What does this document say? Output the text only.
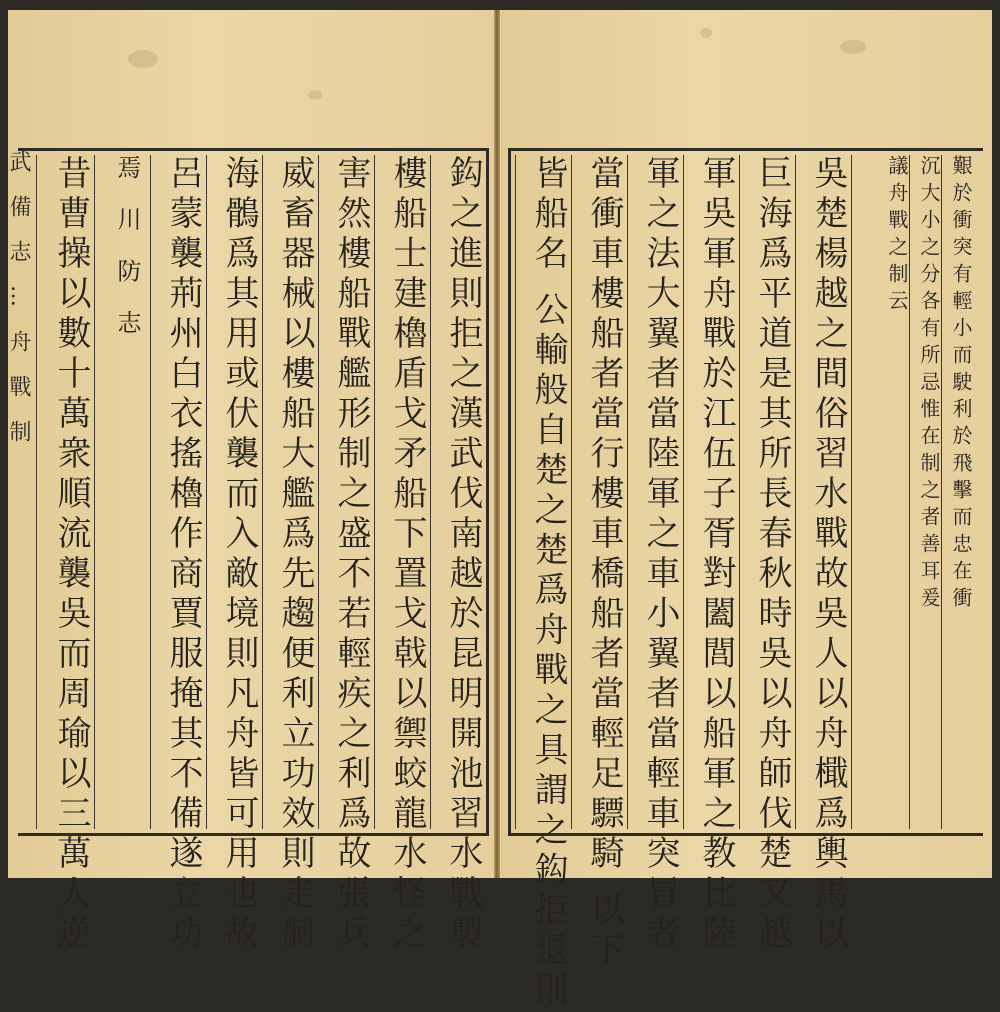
武 備 志 … 舟 戰 制	鈎之進則拒之漢武伐南越於昆明開池習水戰製
樓船士建櫓盾戈矛船下置戈戟以禦蛟龍水怪之
害然樓船戰艦形制之盛不若輕疾之利爲故張兵
威畜器械以樓船大艦爲先趨便利立功效則走舸
海鶻爲其用或伏襲而入敵境則凡舟皆可用也故
呂蒙襲荊州白衣搖櫓作商賈服掩其不備遂立功
焉 川 防 志
昔曹操以數十萬衆順流襲吳而周瑜以三萬人逆	艱於衝突有輕小而駛利於飛擊而忠在衝
沉大小之分各有所忌惟在制之者善耳爰
議舟戰之制云
吳楚楊越之間俗習水戰故吳人以舟檝爲輿馬以
巨海爲平道是其所長春秋時吳以舟師伐楚又越
軍吳軍舟戰於江伍子胥對闔閭以船軍之教比陸
軍之法大翼者當陸軍之車小翼者當輕車突冒者
當衝車樓船者當行樓車橋船者當輕足驃騎 以下
皆船名 公輸般自楚之楚爲舟戰之具謂之鈎拒退則
